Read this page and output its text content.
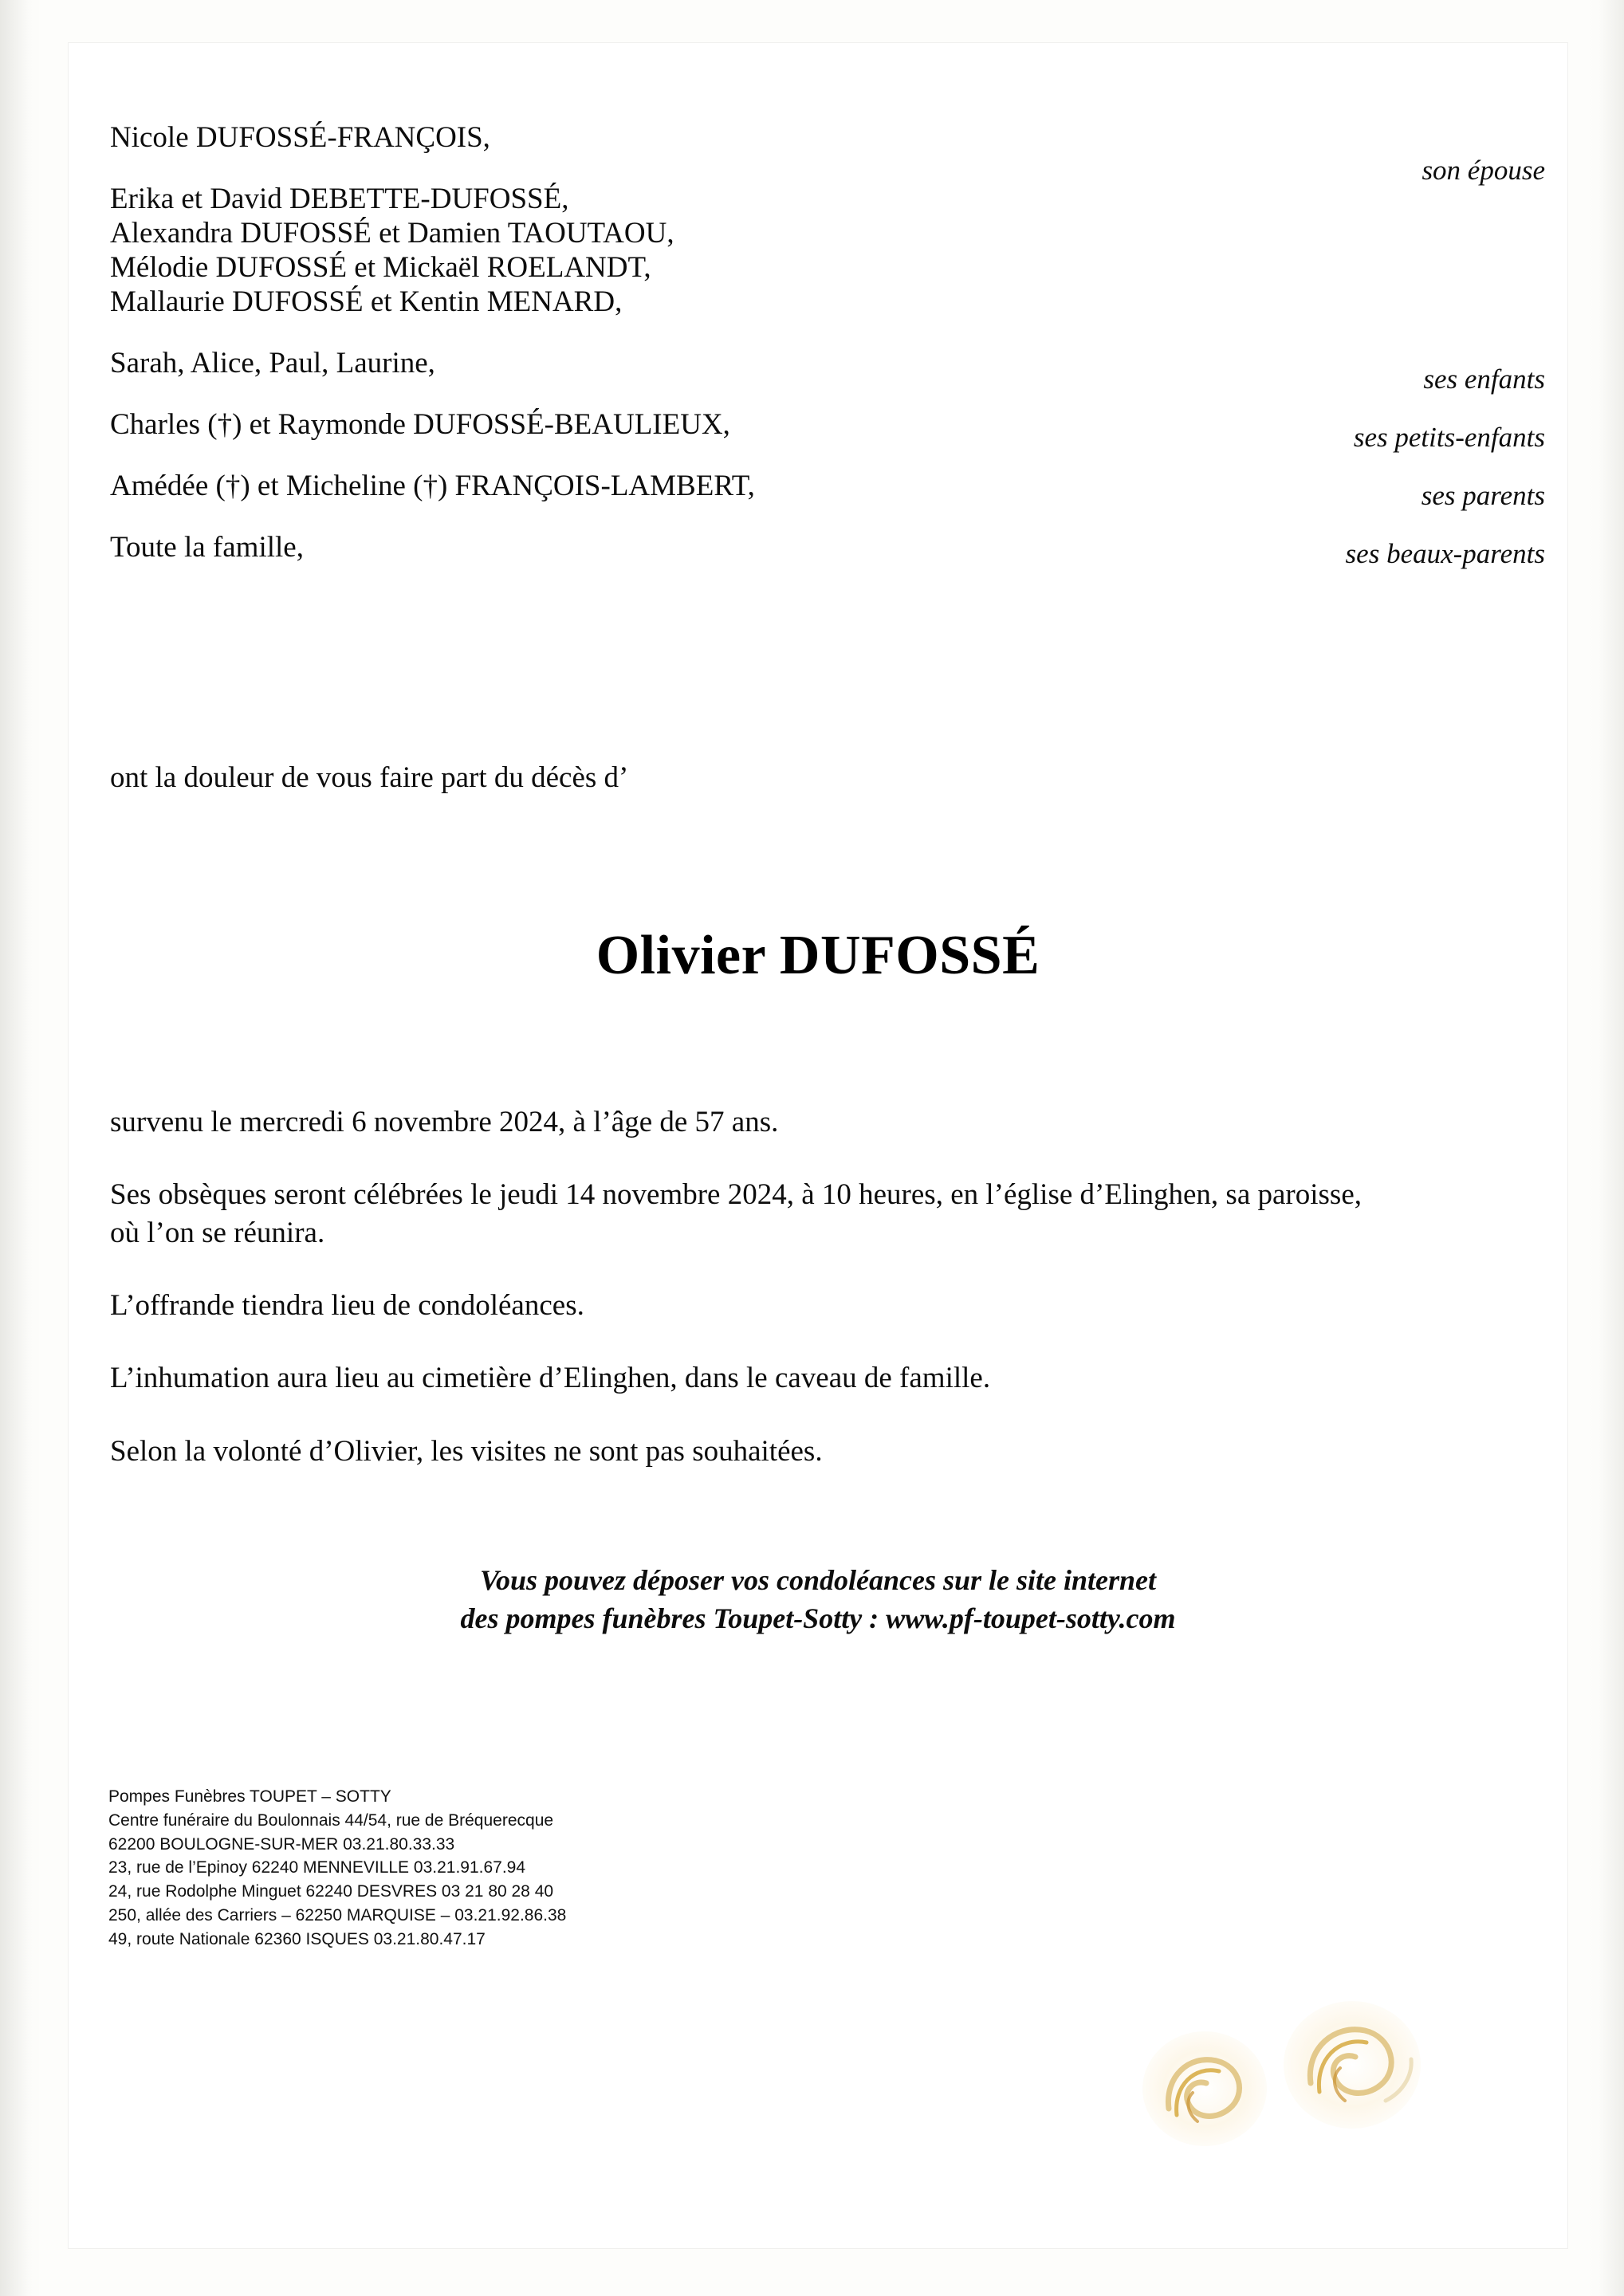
Nicole DUFOSSÉ-FRANÇOIS,
Erika et David DEBETTE-DUFOSSÉ,
Alexandra DUFOSSÉ et Damien TAOUTAOU,
Mélodie DUFOSSÉ et Mickaël ROELANDT,
Mallaurie DUFOSSÉ et Kentin MENARD,
Sarah, Alice, Paul, Laurine,
Charles (†) et Raymonde DUFOSSÉ-BEAULIEUX,
Amédée (†) et Micheline (†) FRANÇOIS-LAMBERT,
Toute la famille,
son épouse
ses enfants
ses petits-enfants
ses parents
ses beaux-parents
ont la douleur de vous faire part du décès d’
Olivier DUFOSSÉ

survenu le mercredi 6 novembre 2024, à l’âge de 57 ans.

Ses obsèques seront célébrées le jeudi 14 novembre 2024, à 10 heures, en l’église d’Elinghen, sa paroisse, où l’on se réunira.

L’offrande tiendra lieu de condoléances.

L’inhumation aura lieu au cimetière d’Elinghen, dans le caveau de famille.

Selon la volonté d’Olivier, les visites ne sont pas souhaitées.

Vous pouvez déposer vos condoléances sur le site internet
des pompes funèbres Toupet-Sotty : www.pf-toupet-sotty.com
Pompes Funèbres TOUPET – SOTTY
Centre funéraire du Boulonnais 44/54, rue de Bréquerecque
62200 BOULOGNE-SUR-MER 03.21.80.33.33
23, rue de l’Epinoy 62240 MENNEVILLE 03.21.91.67.94
24, rue Rodolphe Minguet 62240 DESVRES 03 21 80 28 40
250, allée des Carriers – 62250 MARQUISE – 03.21.92.86.38
49, route Nationale 62360 ISQUES 03.21.80.47.17
